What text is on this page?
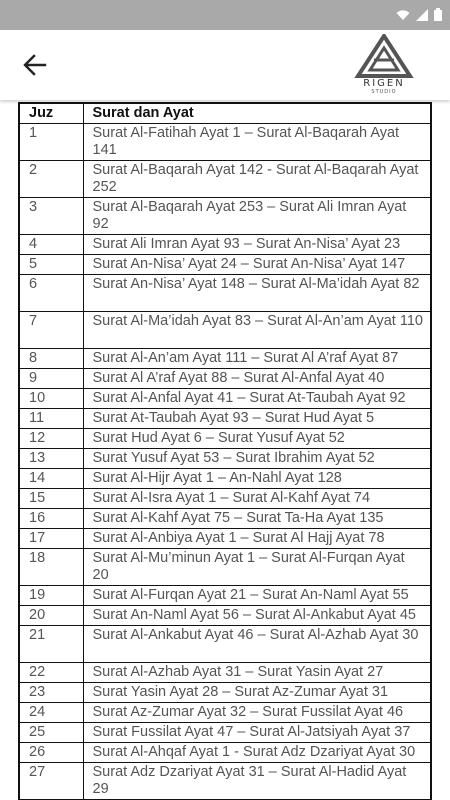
RIGEN
STUDIO
Juz	Surat dan Ayat
1	Surat Al-Fatihah Ayat 1 – Surat Al-Baqarah Ayat 141
2	Surat Al-Baqarah Ayat 142 - Surat Al-Baqarah Ayat 252
3	Surat Al-Baqarah Ayat 253 – Surat Ali Imran Ayat 92
4	Surat Ali Imran Ayat 93 – Surat An-Nisa’ Ayat 23
5	Surat An-Nisa’ Ayat 24 – Surat An-Nisa’ Ayat 147
6	Surat An-Nisa’ Ayat 148 – Surat Al-Ma’idah Ayat 82
7	Surat Al-Ma’idah Ayat 83 – Surat Al-An’am Ayat 110
8	Surat Al-An’am Ayat 111 – Surat Al A’raf Ayat 87
9	Surat Al A’raf Ayat 88 – Surat Al-Anfal Ayat 40
10	Surat Al-Anfal Ayat 41 – Surat At-Taubah Ayat 92
11	Surat At-Taubah Ayat 93 – Surat Hud Ayat 5
12	Surat Hud Ayat 6 – Surat Yusuf Ayat 52
13	Surat Yusuf Ayat 53 – Surat Ibrahim Ayat 52
14	Surat Al-Hijr Ayat 1 – An-Nahl Ayat 128
15	Surat Al-Isra Ayat 1 – Surat Al-Kahf Ayat 74
16	Surat Al-Kahf Ayat 75 – Surat Ta-Ha Ayat 135
17	Surat Al-Anbiya Ayat 1 – Surat Al Hajj Ayat 78
18	Surat Al-Mu’minun Ayat 1 – Surat Al-Furqan Ayat 20
19	Surat Al-Furqan Ayat 21 – Surat An-Naml Ayat 55
20	Surat An-Naml Ayat 56 – Surat Al-Ankabut Ayat 45
21	Surat Al-Ankabut Ayat 46 – Surat Al-Azhab Ayat 30
22	Surat Al-Azhab Ayat 31 – Surat Yasin Ayat 27
23	Surat Yasin Ayat 28 – Surat Az-Zumar Ayat 31
24	Surat Az-Zumar Ayat 32 – Surat Fussilat Ayat 46
25	Surat Fussilat Ayat 47 – Surat Al-Jatsiyah Ayat 37
26	Surat Al-Ahqaf Ayat 1 - Surat Adz Dzariyat Ayat 30
27	Surat Adz Dzariyat Ayat 31 – Surat Al-Hadid Ayat 29
